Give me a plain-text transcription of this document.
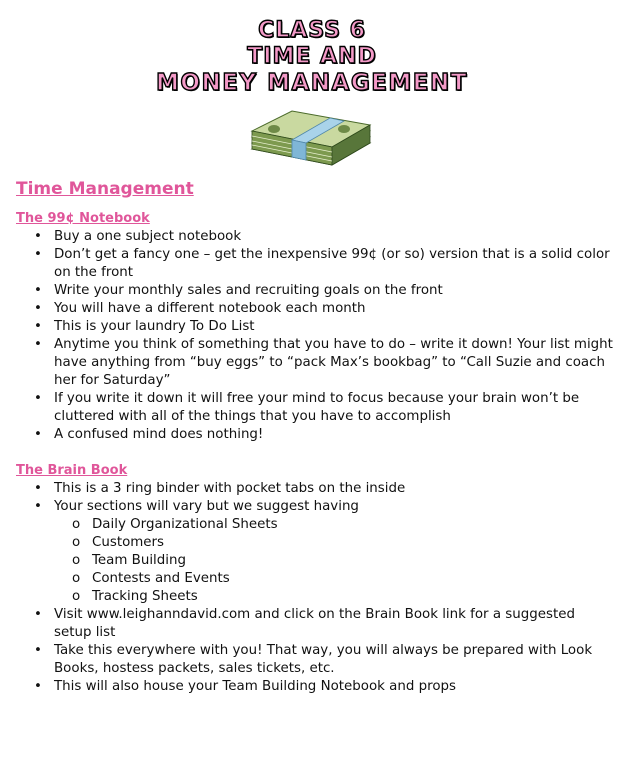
CLASS 6
TIME AND
MONEY MANAGEMENT
Time Management
The 99¢ Notebook
• Buy a one subject notebook
• Don’t get a fancy one – get the inexpensive 99¢ (or so) version that is a solid color on the front
• Write your monthly sales and recruiting goals on the front
• You will have a different notebook each month
• This is your laundry To Do List
• Anytime you think of something that you have to do – write it down! Your list might have anything from “buy eggs” to “pack Max’s bookbag” to “Call Suzie and coach her for Saturday”
• If you write it down it will free your mind to focus because your brain won’t be cluttered with all of the things that you have to accomplish
• A confused mind does nothing!
The Brain Book
• This is a 3 ring binder with pocket tabs on the inside
• Your sections will vary but we suggest having
o Daily Organizational Sheets
o Customers
o Team Building
o Contests and Events
o Tracking Sheets
• Visit www.leighanndavid.com and click on the Brain Book link for a suggested setup list
• Take this everywhere with you! That way, you will always be prepared with Look Books, hostess packets, sales tickets, etc.
• This will also house your Team Building Notebook and props
